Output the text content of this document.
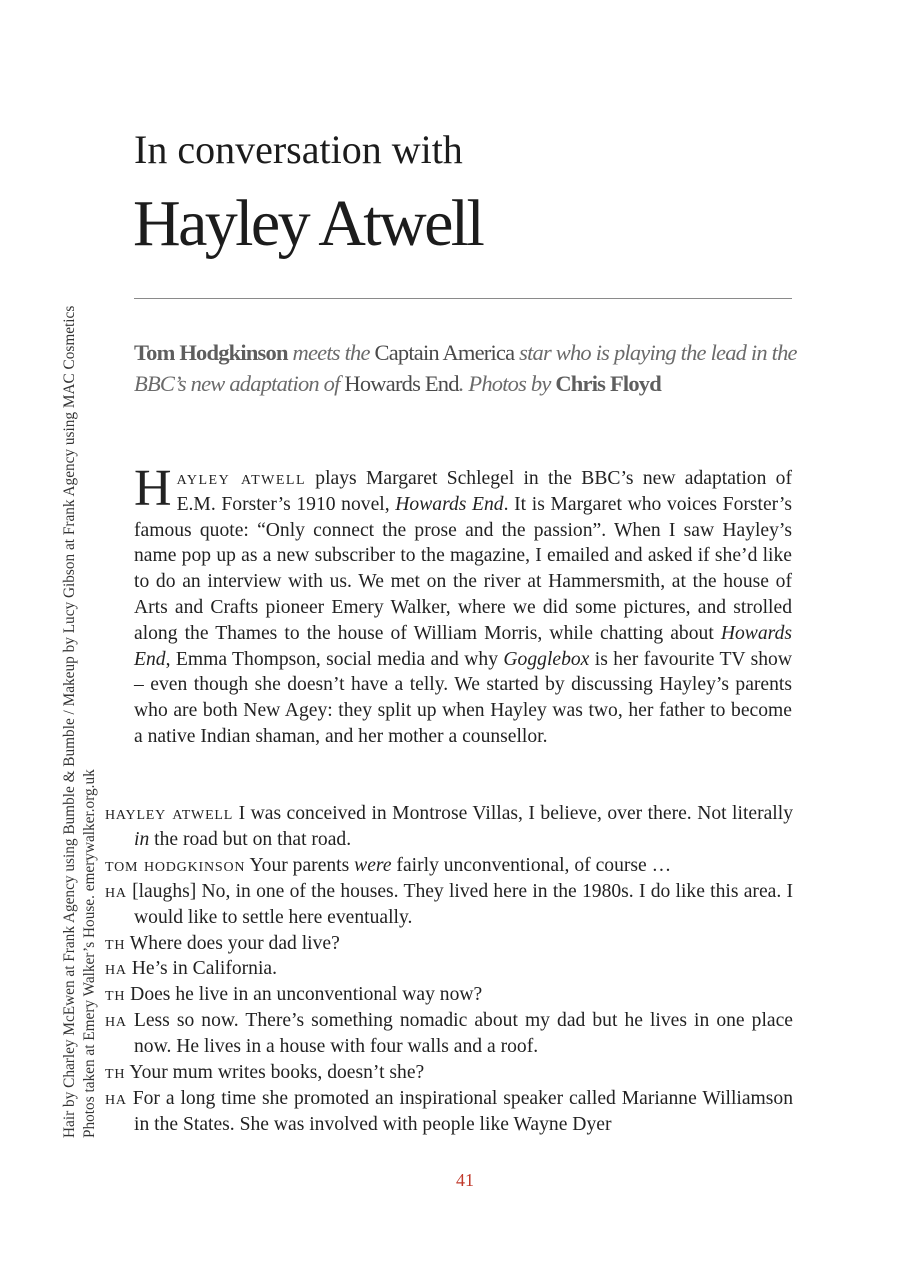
Hair by Charley McEwen at Frank Agency using Bumble & Bumble / Makeup by Lucy Gibson at Frank Agency using MAC Cosmetics Photos taken at Emery Walker’s House. emerywalker.org.uk
In conversation with
Hayley Atwell
Tom Hodgkinson meets the Captain America star who is playing the lead in the BBC’s new adaptation of Howards End. Photos by Chris Floyd
Hayley atwell plays Margaret Schlegel in the BBC’s new adaptation of E.M. Forster’s 1910 novel, Howards End. It is Margaret who voices Forster’s famous quote: “Only connect the prose and the passion”. When I saw Hayley’s name pop up as a new subscriber to the magazine, I emailed and asked if she’d like to do an interview with us. We met on the river at Hammersmith, at the house of Arts and Crafts pioneer Emery Walker, where we did some pictures, and strolled along the Thames to the house of William Morris, while chatting about Howards End, Emma Thompson, social media and why Gogglebox is her favourite TV show – even though she doesn’t have a telly. We started by discussing Hayley’s parents who are both New Agey: they split up when Hayley was two, her father to become a native Indian shaman, and her mother a counsellor.

hayley atwell I was conceived in Montrose Villas, I believe, over there. Not literally in the road but on that road.

tom hodgkinson Your parents were fairly unconventional, of course …

ha [laughs] No, in one of the houses. They lived here in the 1980s. I do like this area. I would like to settle here eventually.

th Where does your dad live?

ha He’s in California.

th Does he live in an unconventional way now?

ha Less so now. There’s something nomadic about my dad but he lives in one place now. He lives in a house with four walls and a roof.

th Your mum writes books, doesn’t she?

ha For a long time she promoted an inspirational speaker called Marianne Williamson in the States. She was involved with people like Wayne Dyer

41
